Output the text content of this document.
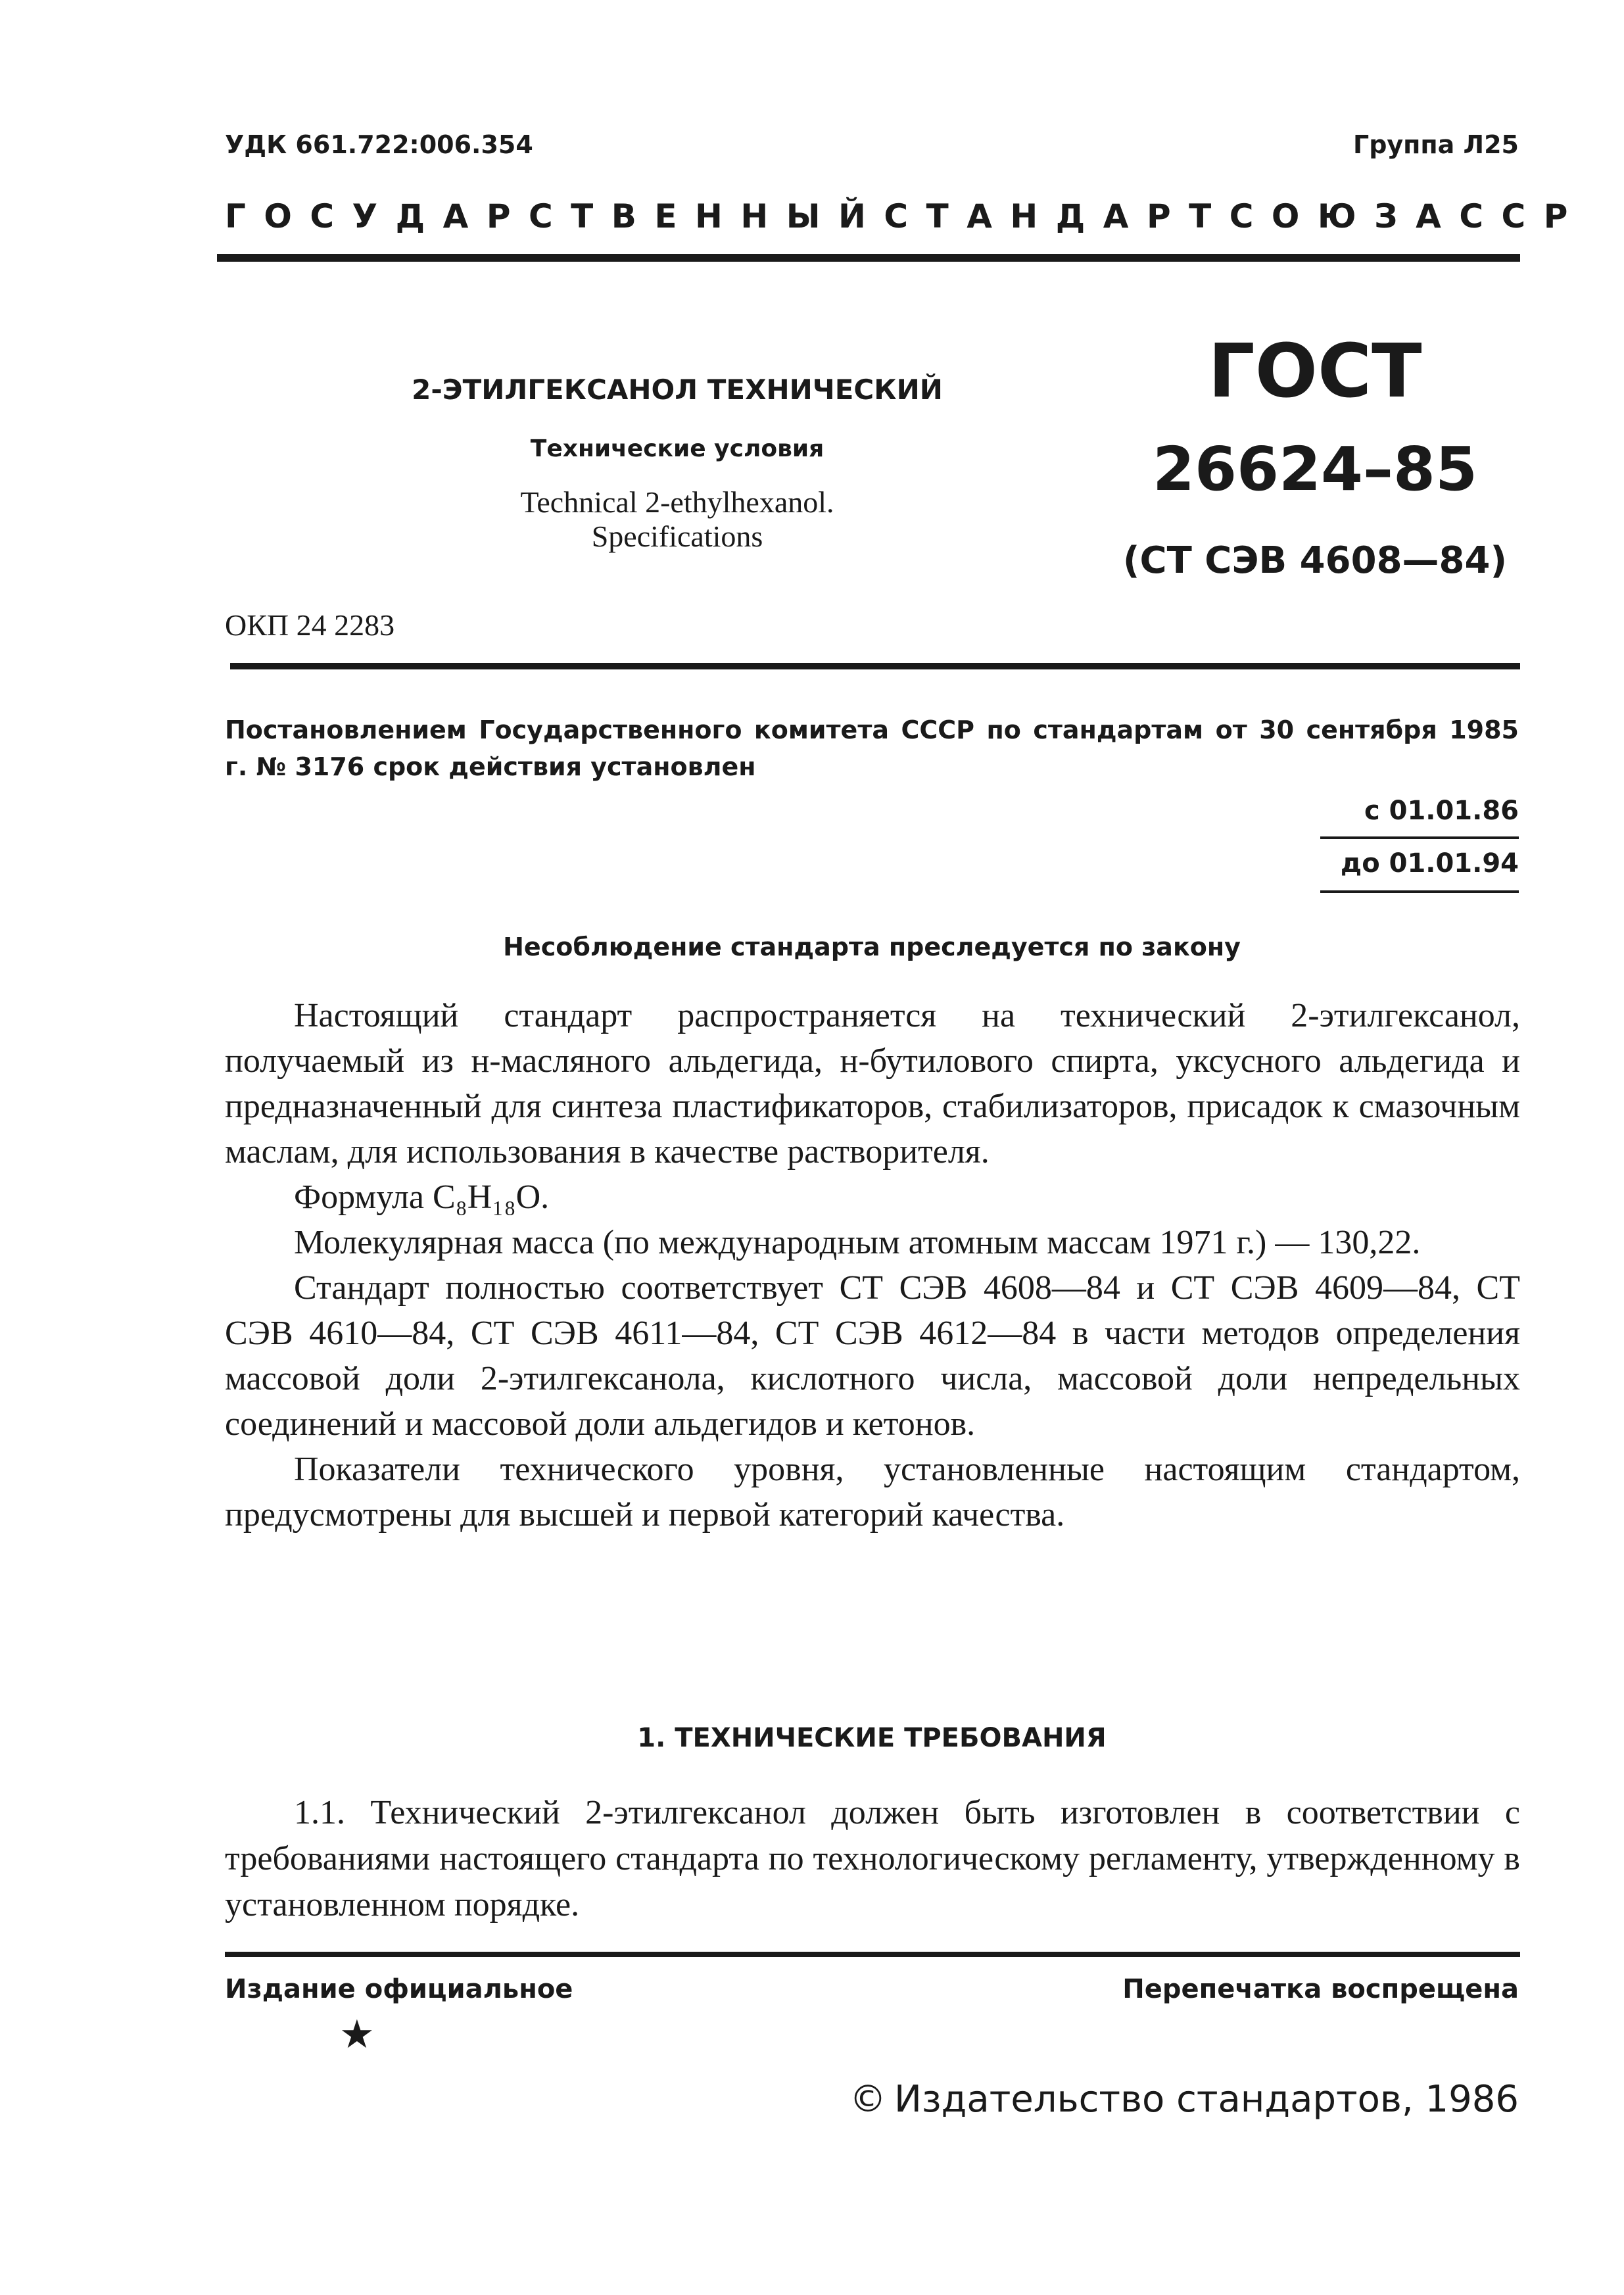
УДК 661.722:006.354	Группа Л25
ГОСУДАРСТВЕННЫЙ СТАНДАРТ СОЮЗА ССР
2-ЭТИЛГЕКСАНОЛ ТЕХНИЧЕСКИЙ
Технические условия
Technical 2-ethylhexanol.
Specifications
ГОСТ
26624–85
(СТ СЭВ 4608—84)
ОКП 24 2283
Постановлением Государственного комитета СССР по стандартам от 30 сентября 1985 г. № 3176 срок действия установлен
с 01.01.86
до 01.01.94
Несоблюдение стандарта преследуется по закону

Настоящий стандарт распространяется на технический 2-этилгексанол, получаемый из н-масляного альдегида, н-бутилового спирта, уксусного альдегида и предназначенный для синтеза пластификаторов, стабилизаторов, присадок к смазочным маслам, для использования в качестве растворителя.

Формула C₈H₁₈O.

Молекулярная масса (по международным атомным массам 1971 г.) — 130,22.

Стандарт полностью соответствует СТ СЭВ 4608—84 и СТ СЭВ 4609—84, СТ СЭВ 4610—84, СТ СЭВ 4611—84, СТ СЭВ 4612—84 в части методов определения массовой доли 2-этилгексанола, кислотного числа, массовой доли непредельных соединений и массовой доли альдегидов и кетонов.

Показатели технического уровня, установленные настоящим стандартом, предусмотрены для высшей и первой категорий качества.

1. ТЕХНИЧЕСКИЕ ТРЕБОВАНИЯ

1.1. Технический 2-этилгексанол должен быть изготовлен в соответствии с требованиями настоящего стандарта по технологическому регламенту, утвержденному в установленном порядке.

Издание официальное	Перепечатка воспрещена
★
© Издательство стандартов, 1986
